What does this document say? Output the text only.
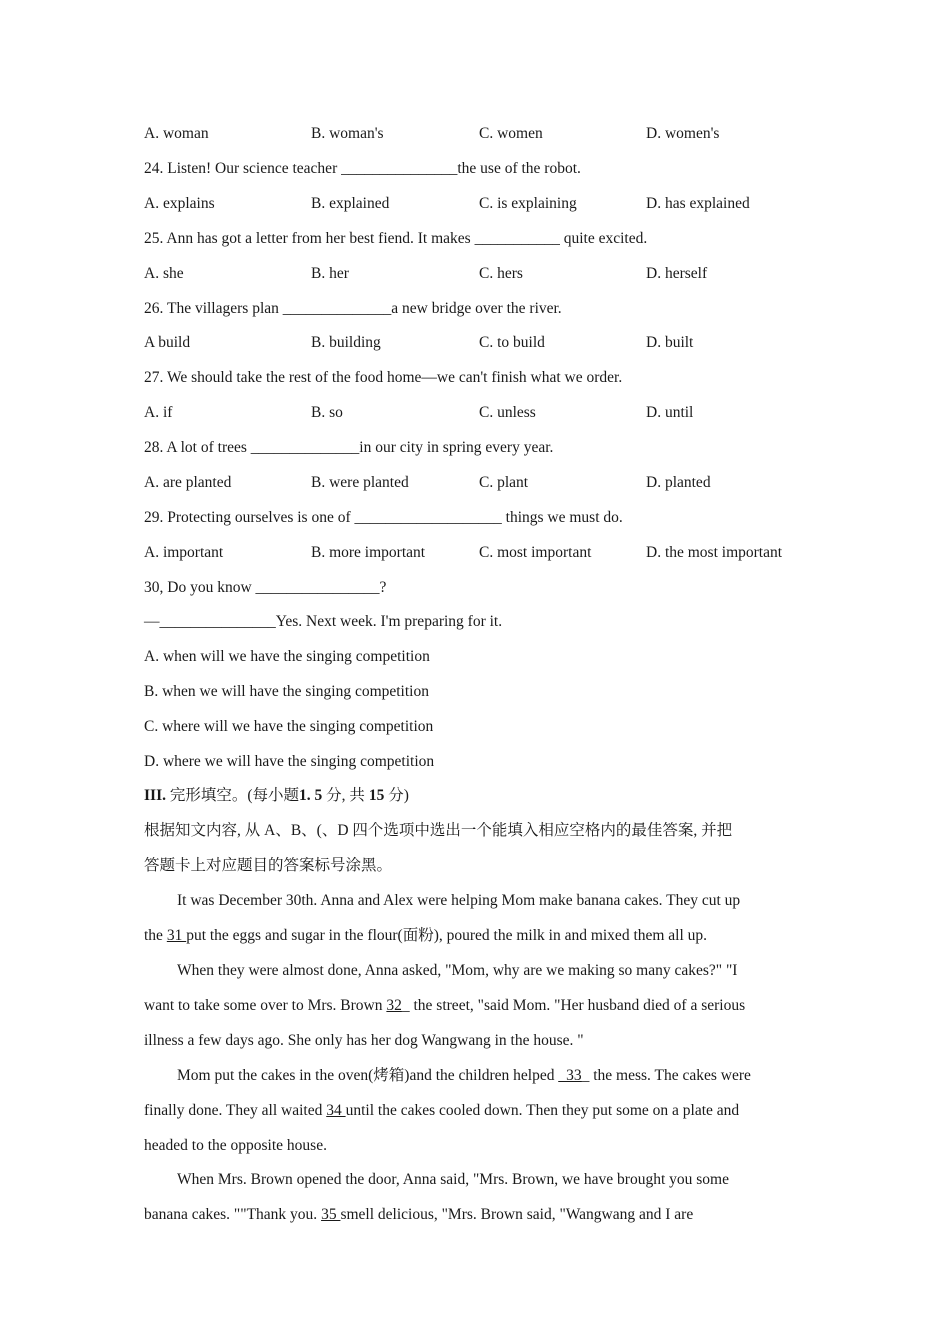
A. woman	B. woman's	C. women	D. women's
24. Listen! Our science teacher _______________the use of the robot.
A. explains	B. explained	C. is explaining	D. has explained
25. Ann has got a letter from her best fiend. It makes ___________ quite excited.
A. she	B. her	C. hers	D. herself
26. The villagers plan ______________a new bridge over the river.
A build	B. building	C. to build	D. built
27. We should take the rest of the food home—we can't finish what we order.
A. if	B. so	C. unless	D. until
28. A lot of trees ______________in our city in spring every year.
A. are planted	B. were planted	C. plant	D. planted
29. Protecting ourselves is one of ___________________ things we must do.
A. important	B. more important	C. most important	D. the most important
30, Do you know ________________?
—_______________Yes. Next week. I'm preparing for it.
A. when will we have the singing competition
B. when we will have the singing competition
C. where will we have the singing competition
D. where we will have the singing competition
III. 完形填空。(每小题1. 5 分, 共 15 分)
根据知文内容, 从 A、B、(、D 四个选项中选出一个能填入相应空格内的最佳答案, 并把
答题卡上对应题目的答案标号涂黑。
It was December 30th. Anna and Alex were helping Mom make banana cakes. They cut up
the 31 put the eggs and sugar in the flour(面粉), poured the milk in and mixed them all up.
When they were almost done, Anna asked, "Mom, why are we making so many cakes?" "I
want to take some over to Mrs. Brown 32_ the street, "said Mom. "Her husband died of a serious
illness a few days ago. She only has her dog Wangwang in the house. "
Mom put the cakes in the oven(烤箱)and the children helped _33_ the mess. The cakes were
finally done. They all waited 34 until the cakes cooled down. Then they put some on a plate and
headed to the opposite house.
When Mrs. Brown opened the door, Anna said, "Mrs. Brown, we have brought you some
banana cakes. ""Thank you. 35 smell delicious, "Mrs. Brown said, "Wangwang and I are
